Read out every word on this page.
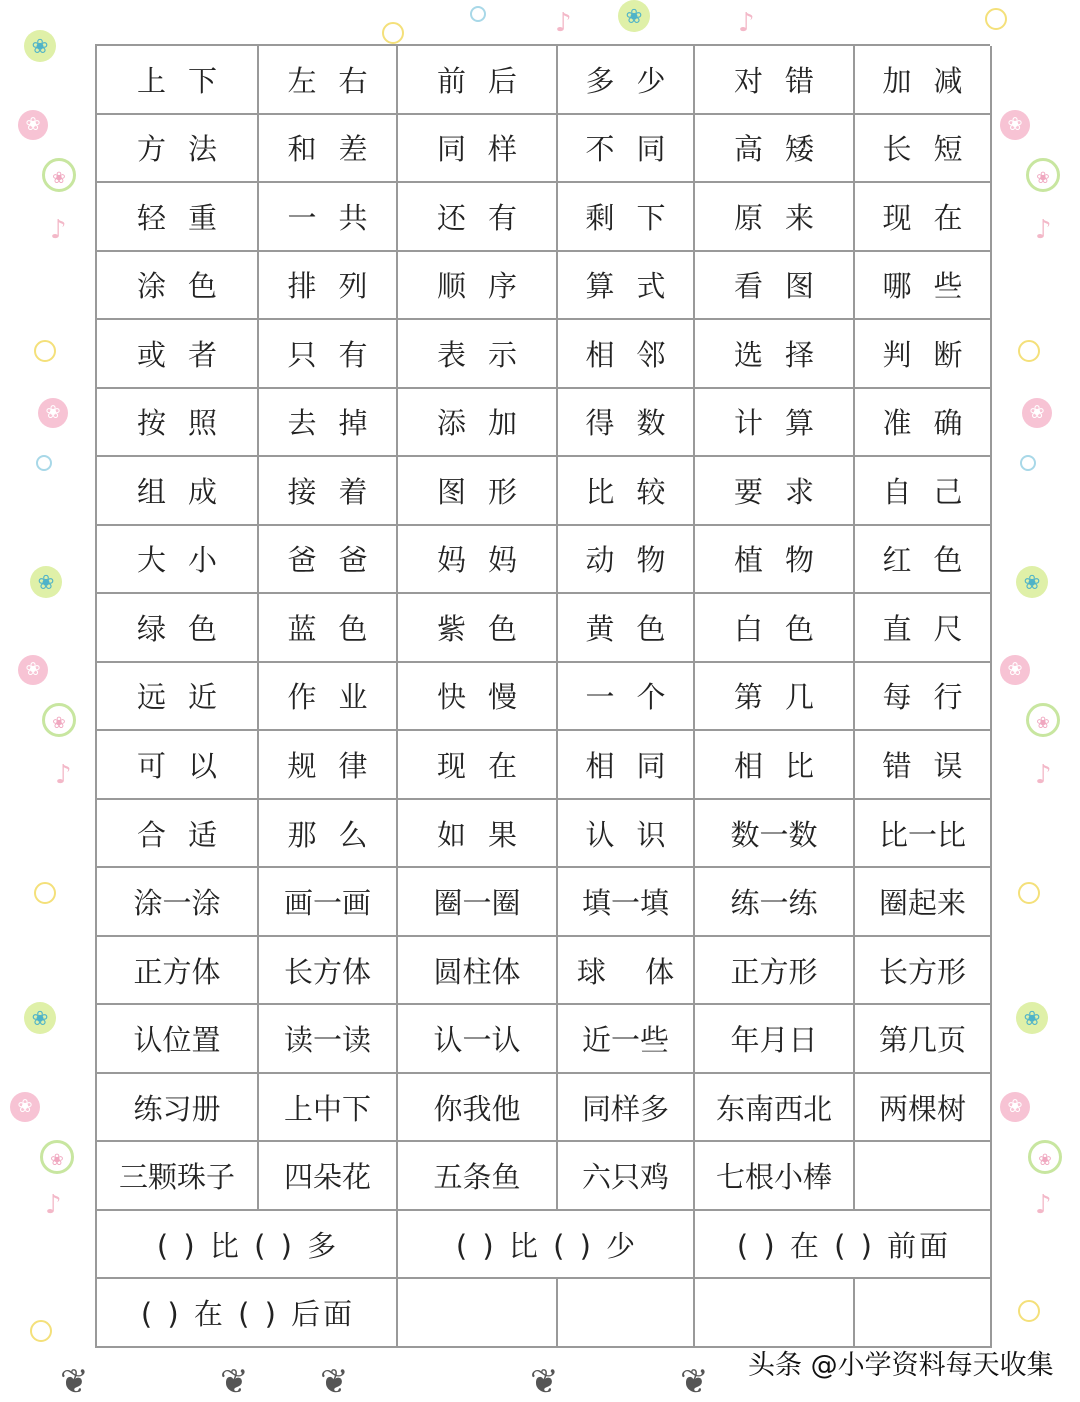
❀
❀
❀
❀
❀
❀
❀
❀
❀
❀
❀
❀
❀
❀
❀
❀
❀
❀
❀
❀
♪
♪
♪
♪
♪
♪
♪	♪
❦	❦ ❦	❦	❦
上下	左右	前后	多少	对错	加减
方法	和差	同样	不同	高矮	长短
轻重	一共	还有	剩下	原来	现在
涂色	排列	顺序	算式	看图	哪些
或者	只有	表示	相邻	选择	判断
按照	去掉	添加	得数	计算	准确
组成	接着	图形	比较	要求	自己
大小	爸爸	妈妈	动物	植物	红色
绿色	蓝色	紫色	黄色	白色	直尺
远近	作业	快慢	一个	第几	每行
可以	规律	现在	相同	相比	错误
合适	那么	如果	认识	数一数	比一比
涂一涂	画一画	圈一圈	填一填	练一练	圈起来
正方体	长方体	圆柱体	球 体	正方形	长方形
认位置	读一读	认一认	近一些	年月日	第几页
练习册	上中下	你我他	同样多	东南西北	两棵树
三颗珠子	四朵花	五条鱼	六只鸡	七根小棒
( ) 比 ( ) 多	( ) 比 ( ) 少	( ) 在 ( ) 前面
( ) 在 ( ) 后面
头条 @小学资料每天收集
